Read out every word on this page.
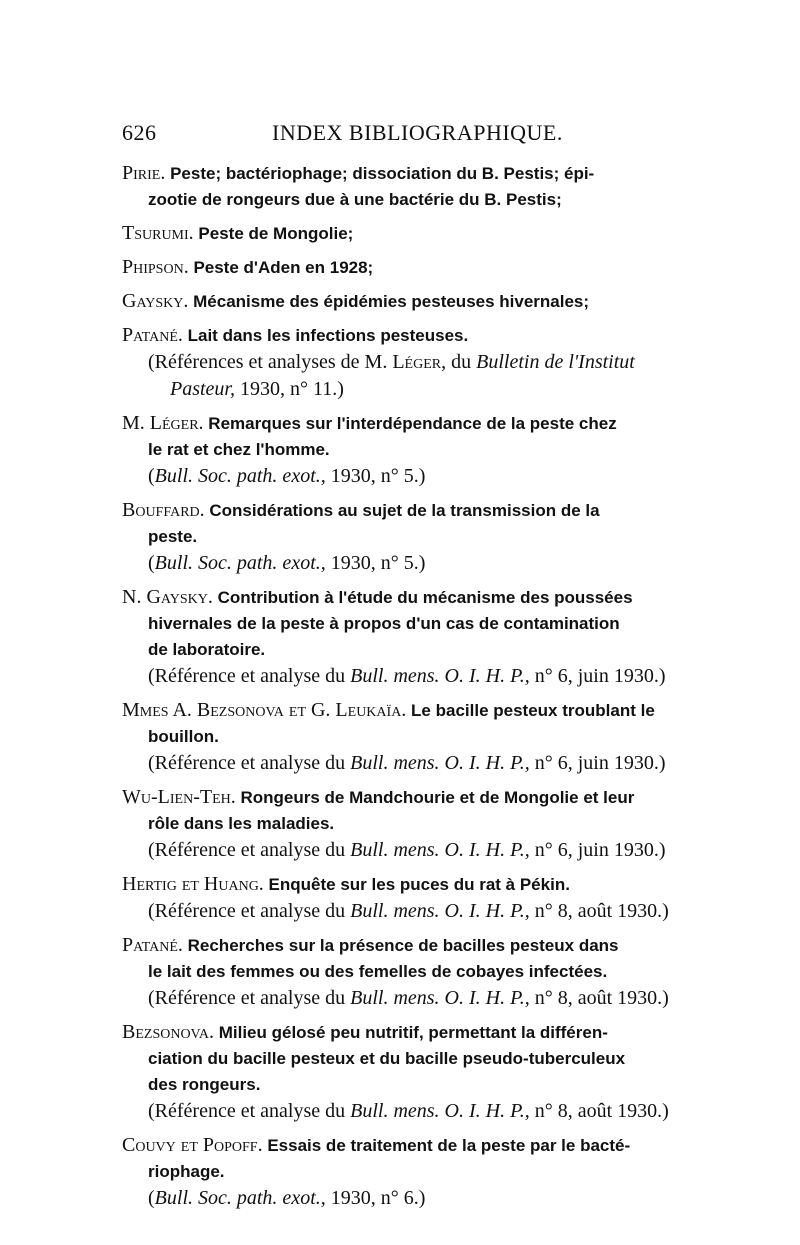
626	INDEX BIBLIOGRAPHIQUE.
Pirie. Peste; bactériophage; dissociation du B. Pestis; épi-
zootie de rongeurs due à une bactérie du B. Pestis;
Tsurumi. Peste de Mongolie;
Phipson. Peste d'Aden en 1928;
Gaysky. Mécanisme des épidémies pesteuses hivernales;
Patané. Lait dans les infections pesteuses.
(Références et analyses de M. Léger, du Bulletin de l'Institut
Pasteur, 1930, n° 11.)
M. Léger. Remarques sur l'interdépendance de la peste chez
le rat et chez l'homme.
(Bull. Soc. path. exot., 1930, n° 5.)
Bouffard. Considérations au sujet de la transmission de la
peste.
(Bull. Soc. path. exot., 1930, n° 5.)
N. Gaysky. Contribution à l'étude du mécanisme des poussées
hivernales de la peste à propos d'un cas de contamination
de laboratoire.
(Référence et analyse du Bull. mens. O. I. H. P., n° 6, juin 1930.)
Mmes A. Bezsonova et G. Leukaïa. Le bacille pesteux troublant le
bouillon.
(Référence et analyse du Bull. mens. O. I. H. P., n° 6, juin 1930.)
Wu-Lien-Teh. Rongeurs de Mandchourie et de Mongolie et leur
rôle dans les maladies.
(Référence et analyse du Bull. mens. O. I. H. P., n° 6, juin 1930.)
Hertig et Huang. Enquête sur les puces du rat à Pékin.
(Référence et analyse du Bull. mens. O. I. H. P., n° 8, août 1930.)
Patané. Recherches sur la présence de bacilles pesteux dans
le lait des femmes ou des femelles de cobayes infectées.
(Référence et analyse du Bull. mens. O. I. H. P., n° 8, août 1930.)
Bezsonova. Milieu gélosé peu nutritif, permettant la différen-
ciation du bacille pesteux et du bacille pseudo-tuberculeux
des rongeurs.
(Référence et analyse du Bull. mens. O. I. H. P., n° 8, août 1930.)
Couvy et Popoff. Essais de traitement de la peste par le bacté-
riophage.
(Bull. Soc. path. exot., 1930, n° 6.)
